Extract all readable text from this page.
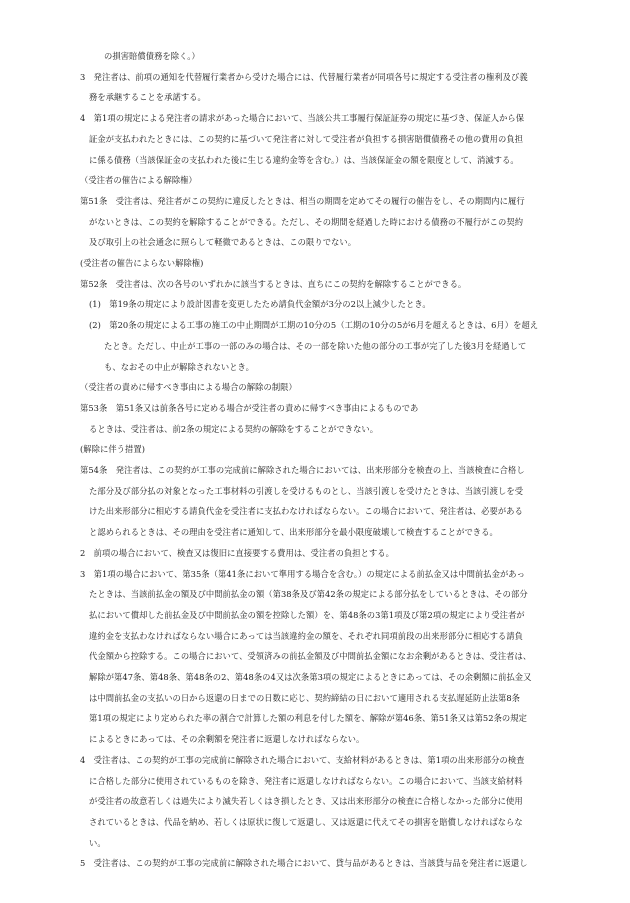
の損害賠償債務を除く。）
3　発注者は、前項の通知を代替履行業者から受けた場合には、代替履行業者が同項各号に規定する受注者の権利及び義
務を承継することを承諾する。
4　第1項の規定による発注者の請求があった場合において、当該公共工事履行保証証券の規定に基づき、保証人から保
証金が支払われたときには、この契約に基づいて発注者に対して受注者が負担する損害賠償債務その他の費用の負担
に係る債務（当該保証金の支払われた後に生じる違約金等を含む。）は、当該保証金の額を限度として、消滅する。
（受注者の催告による解除権）
第51条　受注者は、発注者がこの契約に違反したときは、相当の期間を定めてその履行の催告をし、その期間内に履行
がないときは、この契約を解除することができる。ただし、その期間を経過した時における債務の不履行がこの契約
及び取引上の社会通念に照らして軽微であるときは、この限りでない。
(受注者の催告によらない解除権)
第52条　受注者は、次の各号のいずれかに該当するときは、直ちにこの契約を解除することができる。
(1)　第19条の規定により設計図書を変更したため請負代金額が3分の2以上減少したとき。
(2)　第20条の規定による工事の施工の中止期間が工期の10分の5（工期の10分の5が6月を超えるときは、6月）を超え
たとき。ただし、中止が工事の一部のみの場合は、その一部を除いた他の部分の工事が完了した後3月を経過して
も、なおその中止が解除されないとき。
（受注者の責めに帰すべき事由による場合の解除の制限）
第53条　第51条又は前条各号に定める場合が受注者の責めに帰すべき事由によるものであ
るときは、受注者は、前2条の規定による契約の解除をすることができない。
(解除に伴う措置)
第54条　発注者は、この契約が工事の完成前に解除された場合においては、出来形部分を検査の上、当該検査に合格し
た部分及び部分払の対象となった工事材料の引渡しを受けるものとし、当該引渡しを受けたときは、当該引渡しを受
けた出来形部分に相応する請負代金を受注者に支払わなければならない。この場合において、発注者は、必要がある
と認められるときは、その理由を受注者に通知して、出来形部分を最小限度破壊して検査することができる。
2　前項の場合において、検査又は復旧に直接要する費用は、受注者の負担とする。
3　第1項の場合において、第35条（第41条において準用する場合を含む。）の規定による前払金又は中間前払金があっ
たときは、当該前払金の額及び中間前払金の額（第38条及び第42条の規定による部分払をしているときは、その部分
払において償却した前払金及び中間前払金の額を控除した額）を、第48条の3第1項及び第2項の規定により受注者が
違約金を支払わなければならない場合にあっては当該違約金の額を、それぞれ同項前段の出来形部分に相応する請負
代金額から控除する。この場合において、受領済みの前払金額及び中間前払金額になお余剰があるときは、受注者は、
解除が第47条、第48条、第48条の2、第48条の4又は次条第3項の規定によるときにあっては、その余剰額に前払金又
は中間前払金の支払いの日から返還の日までの日数に応じ、契約締結の日において適用される支払遅延防止法第8条
第1項の規定により定められた率の割合で計算した額の利息を付した額を、解除が第46条、第51条又は第52条の規定
によるときにあっては、その余剰額を発注者に返還しなければならない。
4　受注者は、この契約が工事の完成前に解除された場合において、支給材料があるときは、第1項の出来形部分の検査
に合格した部分に使用されているものを除き、発注者に返還しなければならない。この場合において、当該支給材料
が受注者の故意若しくは過失により滅失若しくはき損したとき、又は出来形部分の検査に合格しなかった部分に使用
されているときは、代品を納め、若しくは原状に復して返還し、又は返還に代えてその損害を賠償しなければならな
い。
5　受注者は、この契約が工事の完成前に解除された場合において、貸与品があるときは、当該貸与品を発注者に返還し
